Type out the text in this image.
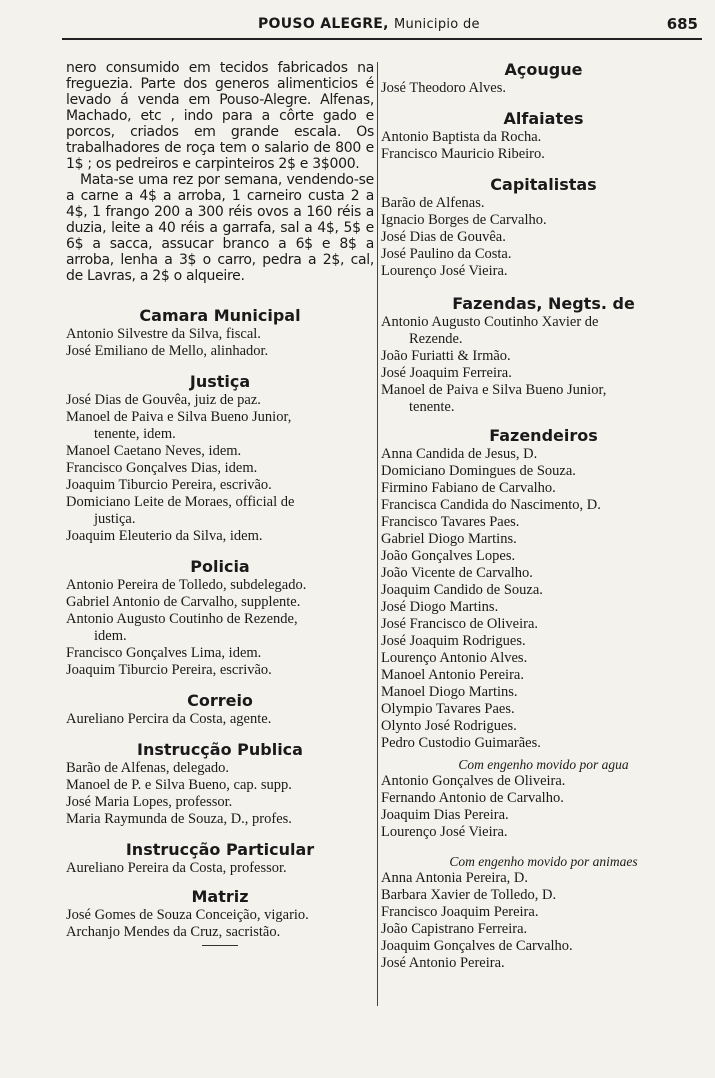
POUSO ALEGRE, Municipio de	685
nero consumido em tecidos fabricados na freguezia. Parte dos generos alimenticios é levado á venda em Pouso-Alegre. Alfenas, Machado, etc , indo para a côrte gado e porcos, criados em grande escala. Os trabalhadores de roça tem o salario de 800 e 1$ ; os pedreiros e carpinteiros 2$ e 3$000.
Mata-se uma rez por semana, vendendo-se a carne a 4$ a arroba, 1 carneiro custa 2 a 4$, 1 frango 200 a 300 réis ovos a 160 réis a duzia, leite a 40 réis a garrafa, sal a 4$, 5$ e 6$ a sacca, assucar branco a 6$ e 8$ a arroba, lenha a 3$ o carro, pedra a 2$, cal, de Lavras, a 2$ o alqueire.
Camara Municipal
Antonio Silvestre da Silva, fiscal.
José Emiliano de Mello, alinhador.
Justiça
José Dias de Gouvêa, juiz de paz.
Manoel de Paiva e Silva Bueno Junior,
tenente, idem.
Manoel Caetano Neves, idem.
Francisco Gonçalves Dias, idem.
Joaquim Tiburcio Pereira, escrivão.
Domiciano Leite de Moraes, official de
justiça.
Joaquim Eleuterio da Silva, idem.
Policia
Antonio Pereira de Tolledo, subdelegado.
Gabriel Antonio de Carvalho, supplente.
Antonio Augusto Coutinho de Rezende,
idem.
Francisco Gonçalves Lima, idem.
Joaquim Tiburcio Pereira, escrivão.
Correio
Aureliano Percira da Costa, agente.
Instrucção Publica
Barão de Alfenas, delegado.
Manoel de P. e Silva Bueno, cap. supp.
José Maria Lopes, professor.
Maria Raymunda de Souza, D., profes.
Instrucção Particular
Aureliano Pereira da Costa, professor.
Matriz
José Gomes de Souza Conceição, vigario.
Archanjo Mendes da Cruz, sacristão.
Açougue
José Theodoro Alves.
Alfaiates
Antonio Baptista da Rocha.
Francisco Mauricio Ribeiro.
Capitalistas
Barão de Alfenas.
Ignacio Borges de Carvalho.
José Dias de Gouvêa.
José Paulino da Costa.
Lourenço José Vieira.
Fazendas, Negts. de
Antonio Augusto Coutinho Xavier de
Rezende.
João Furiatti & Irmão.
José Joaquim Ferreira.
Manoel de Paiva e Silva Bueno Junior,
tenente.
Fazendeiros
Anna Candida de Jesus, D.
Domiciano Domingues de Souza.
Firmino Fabiano de Carvalho.
Francisca Candida do Nascimento, D.
Francisco Tavares Paes.
Gabriel Diogo Martins.
João Gonçalves Lopes.
João Vicente de Carvalho.
Joaquim Candido de Souza.
José Diogo Martins.
José Francisco de Oliveira.
José Joaquim Rodrigues.
Lourenço Antonio Alves.
Manoel Antonio Pereira.
Manoel Diogo Martins.
Olympio Tavares Paes.
Olynto José Rodrigues.
Pedro Custodio Guimarães.
Com engenho movido por agua
Antonio Gonçalves de Oliveira.
Fernando Antonio de Carvalho.
Joaquim Dias Pereira.
Lourenço José Vieira.
Com engenho movido por animaes
Anna Antonia Pereira, D.
Barbara Xavier de Tolledo, D.
Francisco Joaquim Pereira.
João Capistrano Ferreira.
Joaquim Gonçalves de Carvalho.
José Antonio Pereira.
